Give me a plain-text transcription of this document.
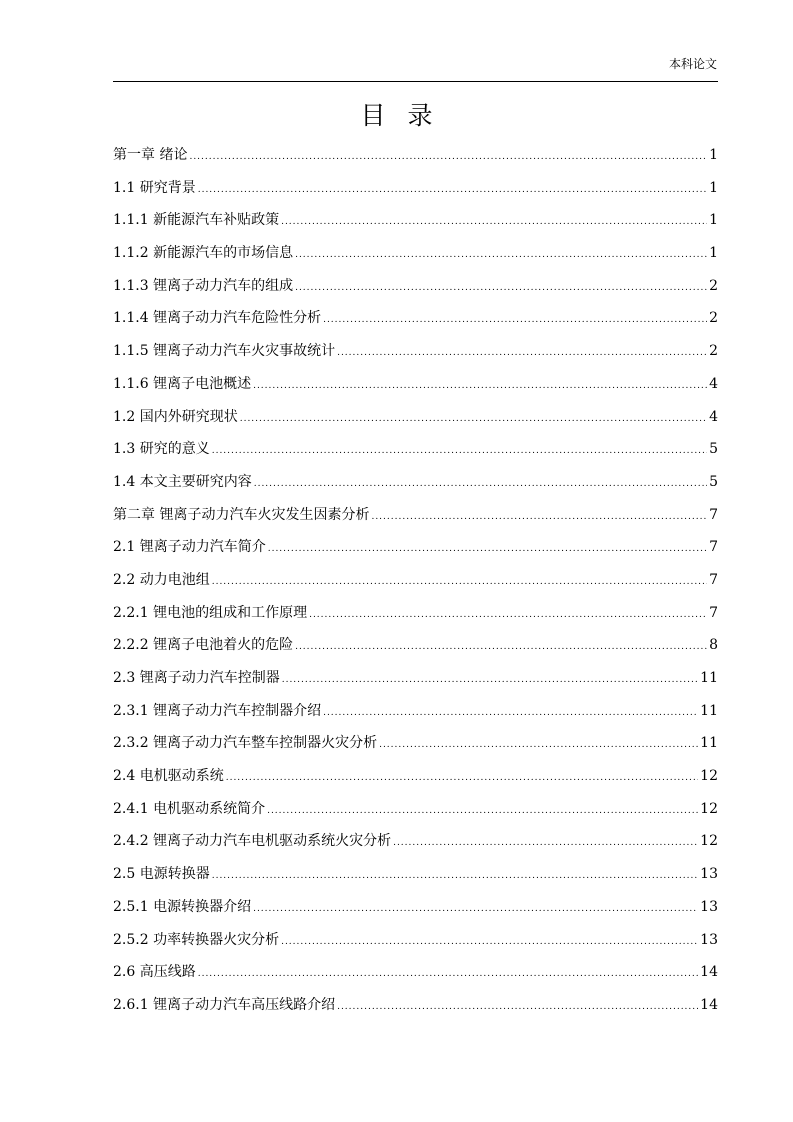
本科论文
目录
第一章 绪论 .....	1
1.1 研究背景 .....	1
1.1.1 新能源汽车补贴政策 .....	1
1.1.2 新能源汽车的市场信息 .....	1
1.1.3 锂离子动力汽车的组成 .....	2
1.1.4 锂离子动力汽车危险性分析 .....	2
1.1.5 锂离子动力汽车火灾事故统计 .....	2
1.1.6 锂离子电池概述 .....	4
1.2 国内外研究现状 .....	4
1.3 研究的意义 .....	5
1.4 本文主要研究内容 .....	5
第二章 锂离子动力汽车火灾发生因素分析 .....	7
2.1 锂离子动力汽车简介 .....	7
2.2 动力电池组 .....	7
2.2.1 锂电池的组成和工作原理 .....	7
2.2.2 锂离子电池着火的危险 .....	8
2.3 锂离子动力汽车控制器 .....	11
2.3.1 锂离子动力汽车控制器介绍 .....	11
2.3.2 锂离子动力汽车整车控制器火灾分析 .....	11
2.4 电机驱动系统 .....	12
2.4.1 电机驱动系统简介 .....	12
2.4.2 锂离子动力汽车电机驱动系统火灾分析 .....	12
2.5 电源转换器 .....	13
2.5.1 电源转换器介绍 .....	13
2.5.2 功率转换器火灾分析 .....	13
2.6 高压线路 .....	14
2.6.1 锂离子动力汽车高压线路介绍 .....	14
